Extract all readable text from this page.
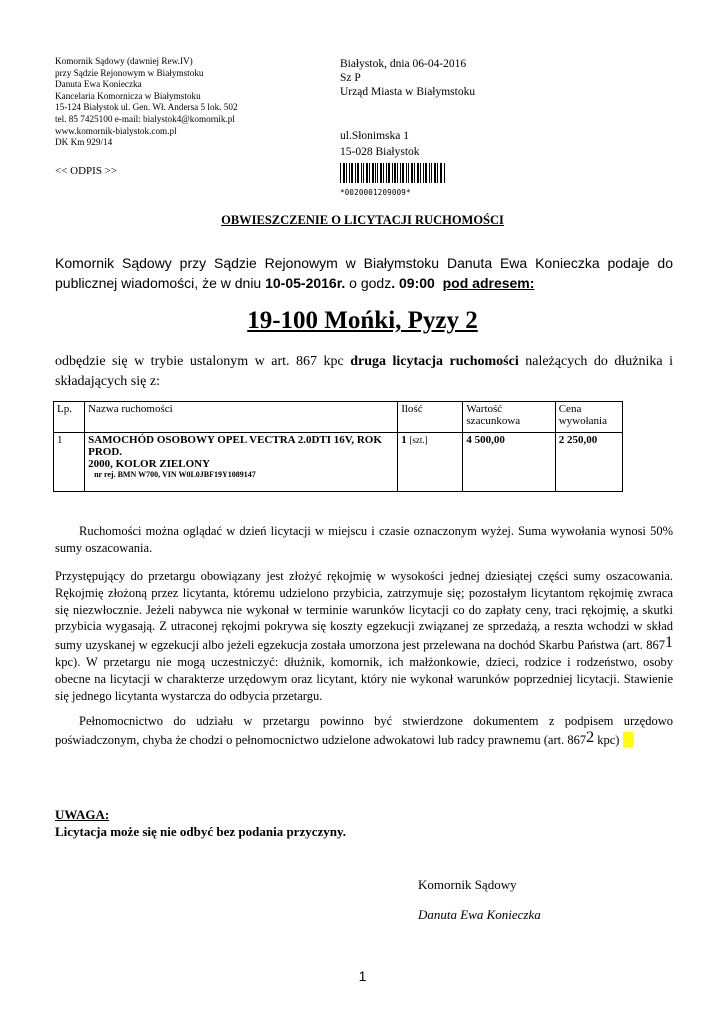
Komornik Sądowy (dawniej Rew.IV)
przy Sądzie Rejonowym w Białymstoku
Danuta Ewa Konieczka
Kancelaria Komornicza w Białymstoku
15-124 Białystok ul. Gen. Wł. Andersa 5 lok. 502
tel. 85 7425100 e-mail: bialystok4@komornik.pl
www.komornik-bialystok.com.pl
DK Km 929/14
<< ODPIS >>
Białystok, dnia 06-04-2016
Sz P
Urząd Miasta w Białymstoku
ul.Słonimska 1
15-028 Białystok
*0020001209009*
OBWIESZCZENIE O LICYTACJI RUCHOMOŚCI
Komornik Sądowy przy Sądzie Rejonowym w Białymstoku Danuta Ewa Konieczka podaje do publicznej wiadomości, że w dniu 10-05-2016r. o godz. 09:00 pod adresem:
19-100 Mońki, Pyzy 2
odbędzie się w trybie ustalonym w art. 867 kpc druga licytacja ruchomości należących do dłużnika i składających się z:
Lp.	Nazwa ruchomości	Ilość	Wartość szacunkowa	Cena wywołania
1	SAMOCHÓD OSOBOWY OPEL VECTRA 2.0DTI 16V, ROK PROD.
2000, KOLOR ZIELONY
nr rej. BMN W700, VIN W0L0JBF19Y1089147	1 [szt.]	4 500,00	2 250,00
Ruchomości można oglądać w dzień licytacji w miejscu i czasie oznaczonym wyżej. Suma wywołania wynosi 50% sumy oszacowania.
Przystępujący do przetargu obowiązany jest złożyć rękojmię w wysokości jednej dziesiątej części sumy oszacowania. Rękojmię złożoną przez licytanta, któremu udzielono przybicia, zatrzymuje się; pozostałym licytantom rękojmię zwraca się niezwłocznie. Jeżeli nabywca nie wykonał w terminie warunków licytacji co do zapłaty ceny, traci rękojmię, a skutki przybicia wygasają. Z utraconej rękojmi pokrywa się koszty egzekucji związanej ze sprzedażą, a reszta wchodzi w skład sumy uzyskanej w egzekucji albo jeżeli egzekucja została umorzona jest przelewana na dochód Skarbu Państwa (art. 8671 kpc). W przetargu nie mogą uczestniczyć: dłużnik, komornik, ich małżonkowie, dzieci, rodzice i rodzeństwo, osoby obecne na licytacji w charakterze urzędowym oraz licytant, który nie wykonał warunków poprzedniej licytacji. Stawienie się jednego licytanta wystarcza do odbycia przetargu.
Pełnomocnictwo do udziału w przetargu powinno być stwierdzone dokumentem z podpisem urzędowo poświadczonym, chyba że chodzi o pełnomocnictwo udzielone adwokatowi lub radcy prawnemu (art. 8672 kpc)
UWAGA:
Licytacja może się nie odbyć bez podania przyczyny.
Komornik Sądowy
Danuta Ewa Konieczka
1
